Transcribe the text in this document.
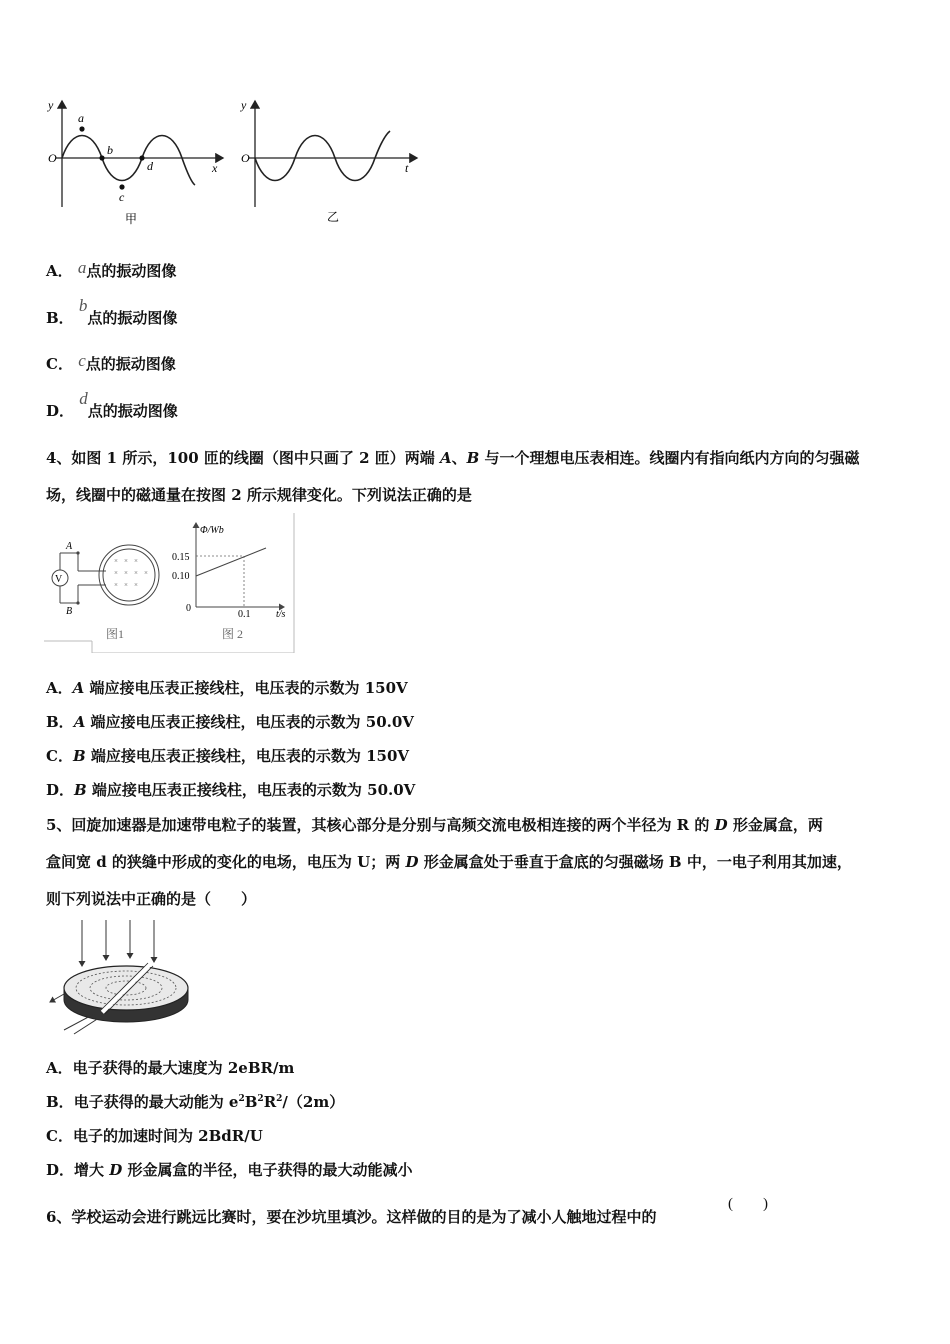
y
O
x
a
b
c
d
甲
y
O
t
乙
A． a点的振动图像
B． b点的振动图像
C． c点的振动图像
D． d点的振动图像
4、如图 1 所示，100 匝的线圈（图中只画了 2 匝）两端 A、B 与一个理想电压表相连。线圈内有指向纸内方向的匀强磁
场，线圈中的磁通量在按图 2 所示规律变化。下列说法正确的是
V
A
B
× × ×
× × × ×
× × ×
Φ/Wb
0.15
0.10
0
0.1	t/s
图1	图 2
A．A 端应接电压表正接线柱，电压表的示数为 150V
B．A 端应接电压表正接线柱，电压表的示数为 50.0V
C．B 端应接电压表正接线柱，电压表的示数为 150V
D．B 端应接电压表正接线柱，电压表的示数为 50.0V
5、回旋加速器是加速带电粒子的装置，其核心部分是分别与高频交流电极相连接的两个半径为 R 的 D 形金属盒，两
盒间宽 d 的狭缝中形成的变化的电场，电压为 U；两 D 形金属盒处于垂直于盒底的匀强磁场 B 中，一电子利用其加速，
则下列说法中正确的是（　　）
A．电子获得的最大速度为 2eBR/m
B．电子获得的最大动能为 $e^2B^2R^2/(2m)$
C．电子的加速时间为 2BdR/U
D．增大 D 形金属盒的半径，电子获得的最大动能减小
6、学校运动会进行跳远比赛时，要在沙坑里填沙。这样做的目的是为了减小人触地过程中的
(　　)
